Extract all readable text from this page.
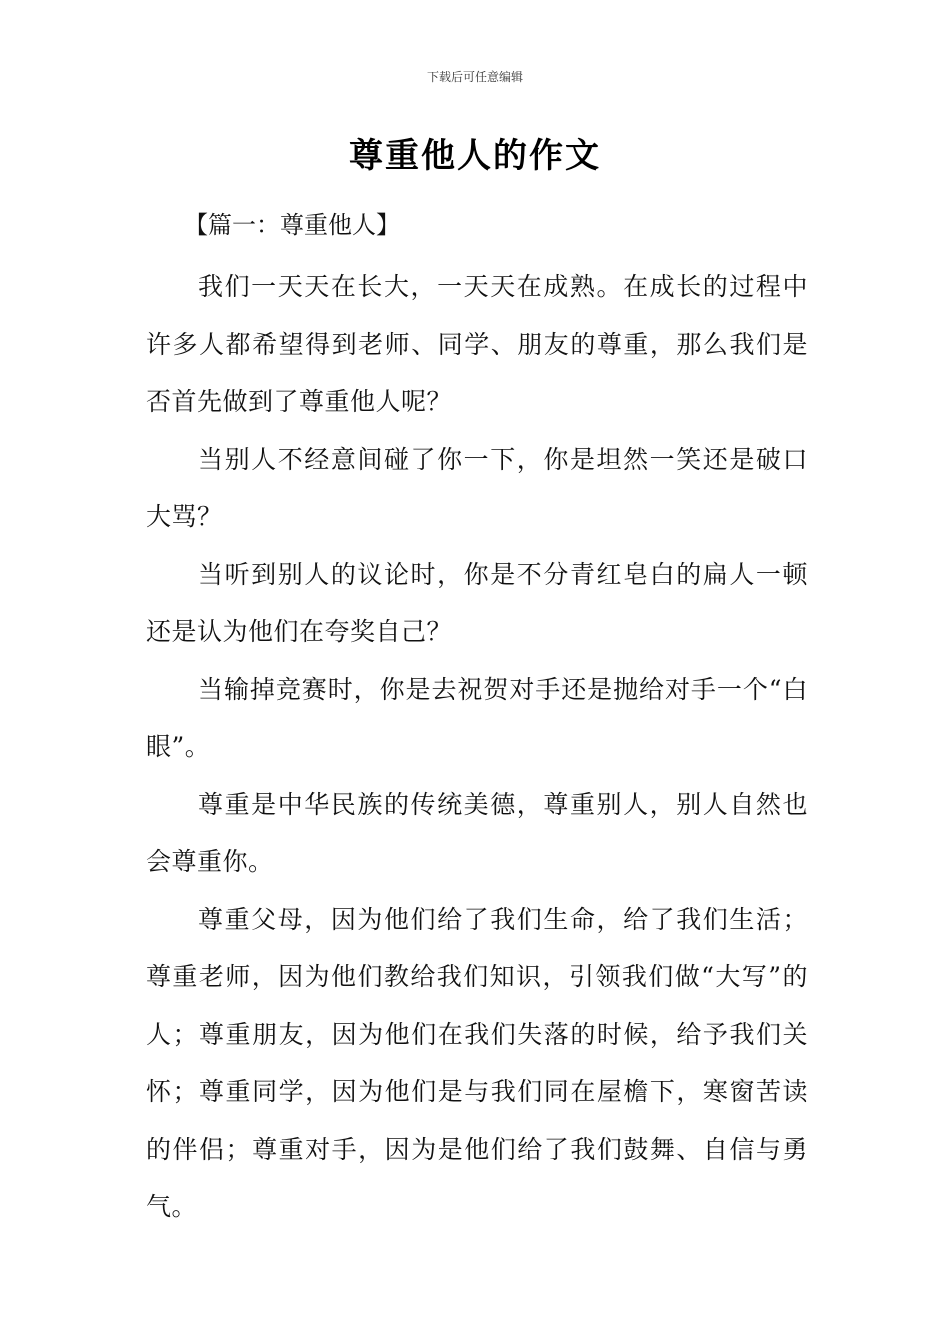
下载后可任意编辑
尊重他人的作文
【篇一：尊重他人】

我们一天天在长大，一天天在成熟。在成长的过程中许多人都希望得到老师、同学、朋友的尊重，那么我们是否首先做到了尊重他人呢？

当别人不经意间碰了你一下，你是坦然一笑还是破口大骂？

当听到别人的议论时，你是不分青红皂白的扁人一顿还是认为他们在夸奖自己？

当输掉竞赛时，你是去祝贺对手还是抛给对手一个“白眼”。

尊重是中华民族的传统美德，尊重别人，别人自然也会尊重你。

尊重父母，因为他们给了我们生命，给了我们生活；尊重老师，因为他们教给我们知识，引领我们做“大写”的人；尊重朋友，因为他们在我们失落的时候，给予我们关怀；尊重同学，因为他们是与我们同在屋檐下，寒窗苦读的伴侣；尊重对手，因为是他们给了我们鼓舞、自信与勇气。
